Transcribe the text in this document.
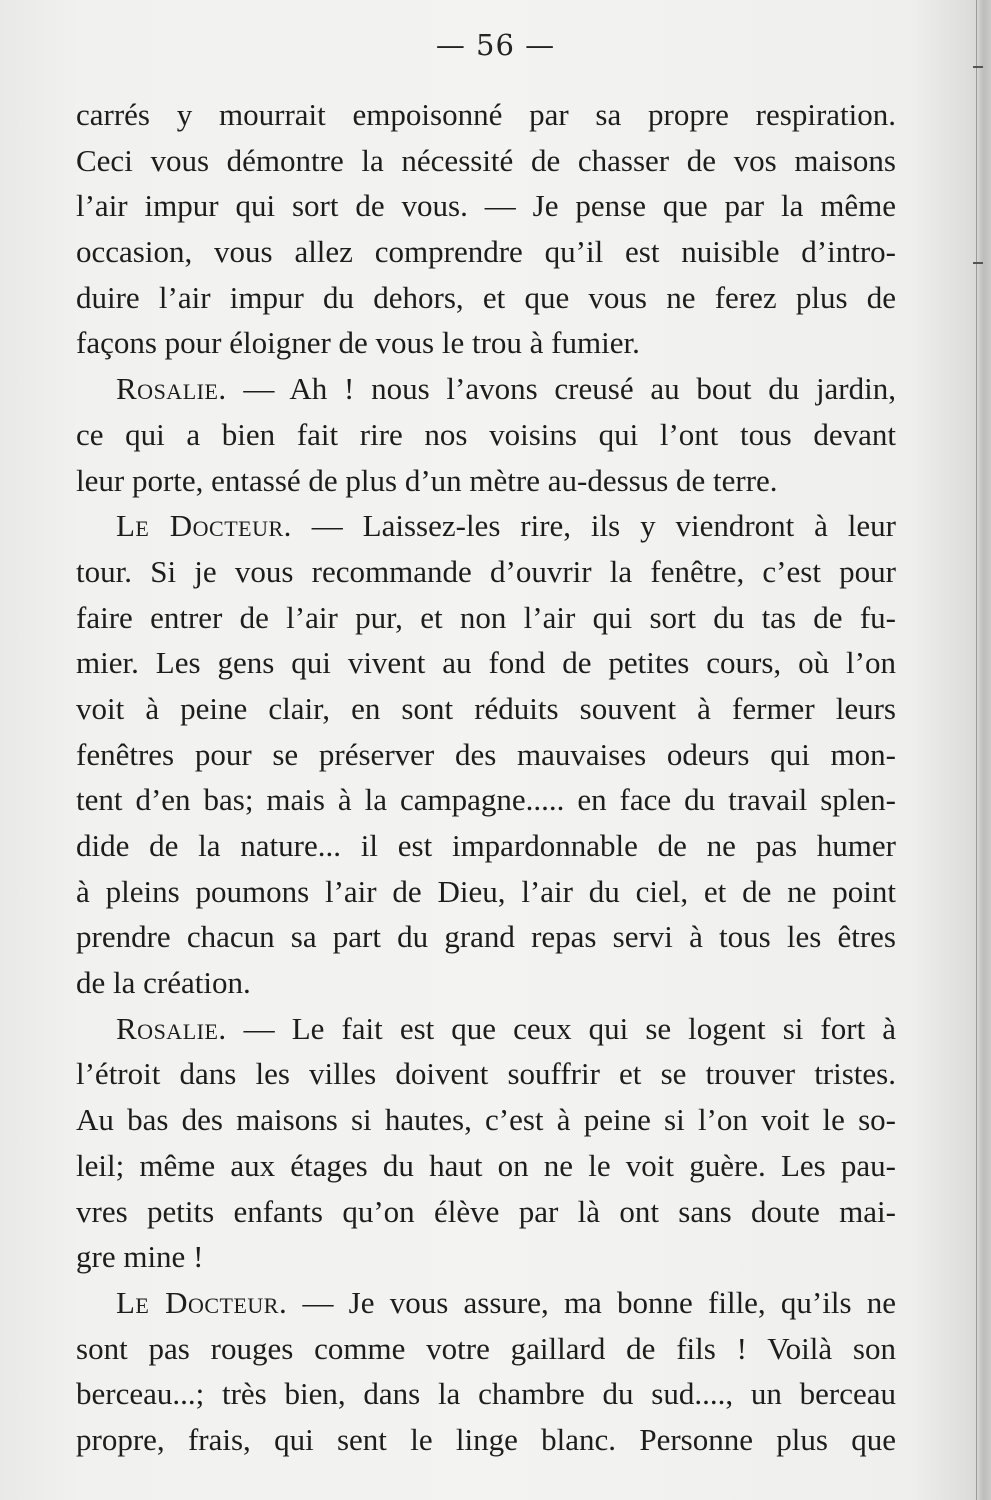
— 56 —
carrés y mourrait empoisonné par sa propre respiration.
Ceci vous démontre la nécessité de chasser de vos maisons
l’air impur qui sort de vous. — Je pense que par la même
occasion, vous allez comprendre qu’il est nuisible d’intro-
duire l’air impur du dehors, et que vous ne ferez plus de
façons pour éloigner de vous le trou à fumier.
Rosalie. — Ah ! nous l’avons creusé au bout du jardin,
ce qui a bien fait rire nos voisins qui l’ont tous devant
leur porte, entassé de plus d’un mètre au-dessus de terre.
Le Docteur. — Laissez-les rire, ils y viendront à leur
tour. Si je vous recommande d’ouvrir la fenêtre, c’est pour
faire entrer de l’air pur, et non l’air qui sort du tas de fu-
mier. Les gens qui vivent au fond de petites cours, où l’on
voit à peine clair, en sont réduits souvent à fermer leurs
fenêtres pour se préserver des mauvaises odeurs qui mon-
tent d’en bas; mais à la campagne..... en face du travail splen-
dide de la nature... il est impardonnable de ne pas humer
à pleins poumons l’air de Dieu, l’air du ciel, et de ne point
prendre chacun sa part du grand repas servi à tous les êtres
de la création.
Rosalie. — Le fait est que ceux qui se logent si fort à
l’étroit dans les villes doivent souffrir et se trouver tristes.
Au bas des maisons si hautes, c’est à peine si l’on voit le so-
leil; même aux étages du haut on ne le voit guère. Les pau-
vres petits enfants qu’on élève par là ont sans doute mai-
gre mine !
Le Docteur. — Je vous assure, ma bonne fille, qu’ils ne
sont pas rouges comme votre gaillard de fils ! Voilà son
berceau...; très bien, dans la chambre du sud...., un berceau
propre, frais, qui sent le linge blanc. Personne plus que
